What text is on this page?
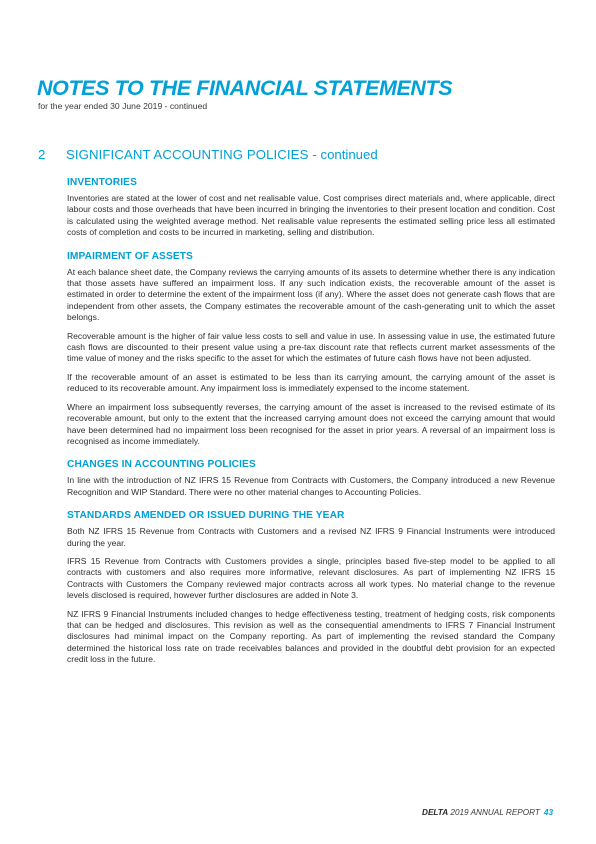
NOTES TO THE FINANCIAL STATEMENTS

for the year ended 30 June 2019 - continued

2 SIGNIFICANT ACCOUNTING POLICIES - continued
INVENTORIES

Inventories are stated at the lower of cost and net realisable value. Cost comprises direct materials and, where applicable, direct labour costs and those overheads that have been incurred in bringing the inventories to their present location and condition. Cost is calculated using the weighted average method. Net realisable value represents the estimated selling price less all estimated costs of completion and costs to be incurred in marketing, selling and distribution.

IMPAIRMENT OF ASSETS

At each balance sheet date, the Company reviews the carrying amounts of its assets to determine whether there is any indication that those assets have suffered an impairment loss. If any such indication exists, the recoverable amount of the asset is estimated in order to determine the extent of the impairment loss (if any). Where the asset does not generate cash flows that are independent from other assets, the Company estimates the recoverable amount of the cash-generating unit to which the asset belongs.

Recoverable amount is the higher of fair value less costs to sell and value in use. In assessing value in use, the estimated future cash flows are discounted to their present value using a pre-tax discount rate that reflects current market assessments of the time value of money and the risks specific to the asset for which the estimates of future cash flows have not been adjusted.

If the recoverable amount of an asset is estimated to be less than its carrying amount, the carrying amount of the asset is reduced to its recoverable amount. Any impairment loss is immediately expensed to the income statement.

Where an impairment loss subsequently reverses, the carrying amount of the asset is increased to the revised estimate of its recoverable amount, but only to the extent that the increased carrying amount does not exceed the carrying amount that would have been determined had no impairment loss been recognised for the asset in prior years. A reversal of an impairment loss is recognised as income immediately.

CHANGES IN ACCOUNTING POLICIES

In line with the introduction of NZ IFRS 15 Revenue from Contracts with Customers, the Company introduced a new Revenue Recognition and WIP Standard. There were no other material changes to Accounting Policies.

STANDARDS AMENDED OR ISSUED DURING THE YEAR

Both NZ IFRS 15 Revenue from Contracts with Customers and a revised NZ IFRS 9 Financial Instruments were introduced during the year.

IFRS 15 Revenue from Contracts with Customers provides a single, principles based five-step model to be applied to all contracts with customers and also requires more informative, relevant disclosures. As part of implementing NZ IFRS 15 Contracts with Customers the Company reviewed major contracts across all work types. No material change to the revenue levels disclosed is required, however further disclosures are added in Note 3.

NZ IFRS 9 Financial Instruments included changes to hedge effectiveness testing, treatment of hedging costs, risk components that can be hedged and disclosures. This revision as well as the consequential amendments to IFRS 7 Financial Instrument disclosures had minimal impact on the Company reporting. As part of implementing the revised standard the Company determined the historical loss rate on trade receivables balances and provided in the doubtful debt provision for an expected credit loss in the future.

DELTA 2019 ANNUAL REPORT 43
